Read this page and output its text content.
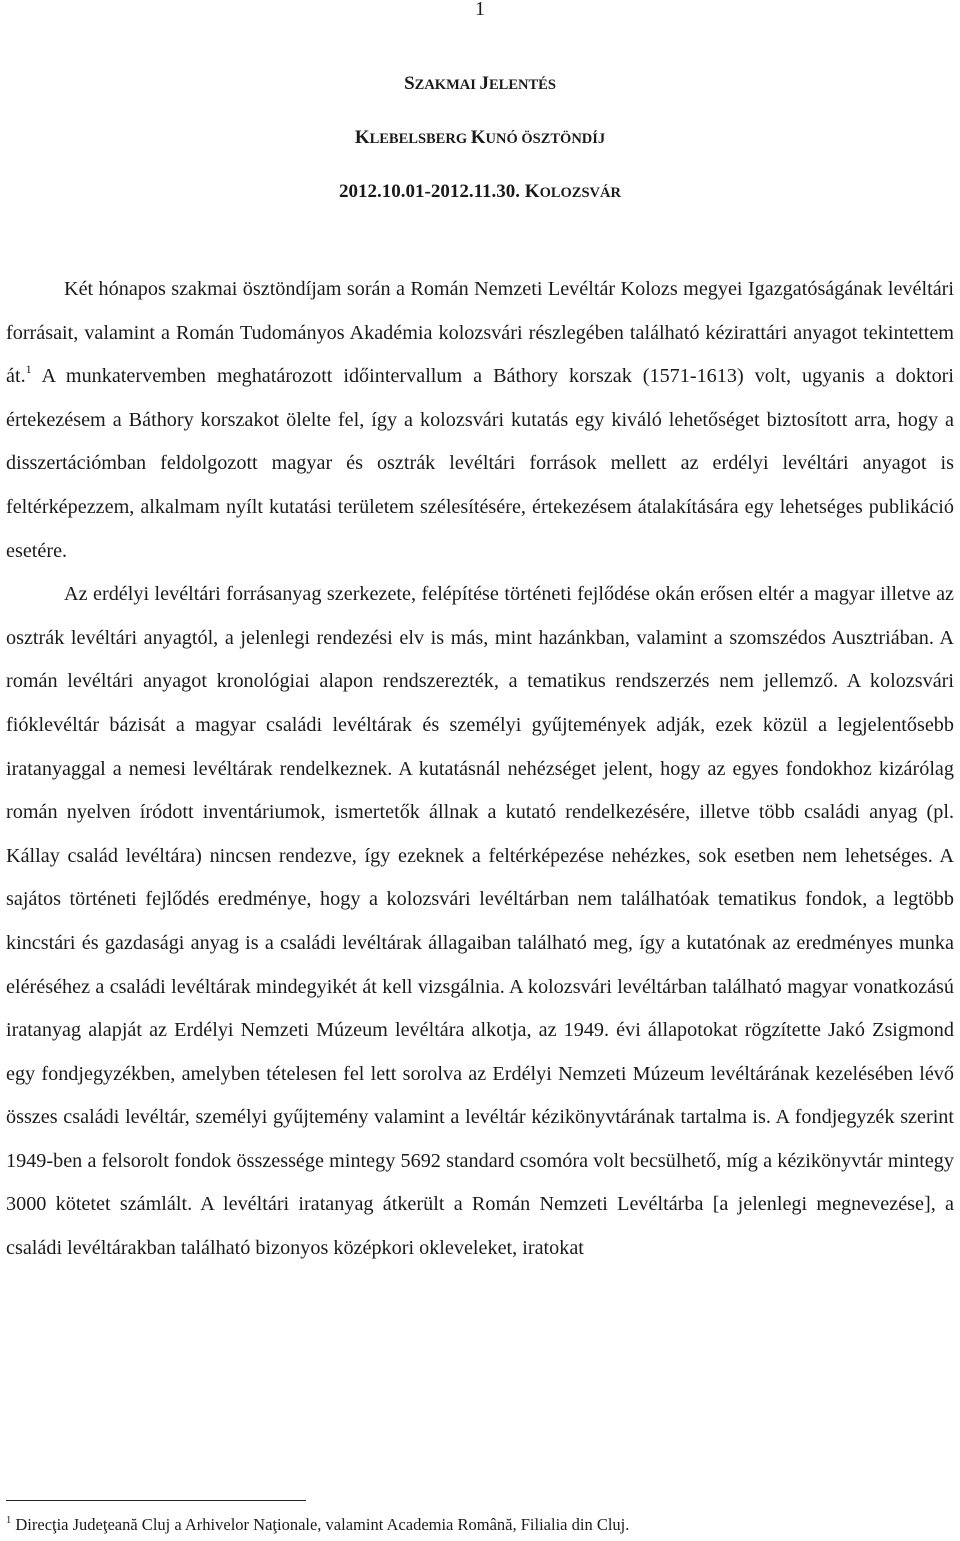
1
SZAKMAI JELENTÉS
KLEBELSBERG KUNÓ ÖSZTÖNDÍJ
2012.10.01-2012.11.30. KOLOZSVÁR

Két hónapos szakmai ösztöndíjam során a Román Nemzeti Levéltár Kolozs megyei Igazgatóságának levéltári forrásait, valamint a Román Tudományos Akadémia kolozsvári részlegében található kézirattári anyagot tekintettem át.$^1$ A munkatervemben meghatározott időintervallum a Báthory korszak (1571-1613) volt, ugyanis a doktori értekezésem a Báthory korszakot ölelte fel, így a kolozsvári kutatás egy kiváló lehetőséget biztosított arra, hogy a disszertációmban feldolgozott magyar és osztrák levéltári források mellett az erdélyi levéltári anyagot is feltérképezzem, alkalmam nyílt kutatási területem szélesítésére, értekezésem átalakítására egy lehetséges publikáció esetére.

Az erdélyi levéltári forrásanyag szerkezete, felépítése történeti fejlődése okán erősen eltér a magyar illetve az osztrák levéltári anyagtól, a jelenlegi rendezési elv is más, mint hazánkban, valamint a szomszédos Ausztriában. A román levéltári anyagot kronológiai alapon rendszerezték, a tematikus rendszerzés nem jellemző. A kolozsvári fióklevéltár bázisát a magyar családi levéltárak és személyi gyűjtemények adják, ezek közül a legjelentősebb iratanyaggal a nemesi levéltárak rendelkeznek. A kutatásnál nehézséget jelent, hogy az egyes fondokhoz kizárólag román nyelven íródott inventáriumok, ismertetők állnak a kutató rendelkezésére, illetve több családi anyag (pl. Kállay család levéltára) nincsen rendezve, így ezeknek a feltérképezése nehézkes, sok esetben nem lehetséges. A sajátos történeti fejlődés eredménye, hogy a kolozsvári levéltárban nem találhatóak tematikus fondok, a legtöbb kincstári és gazdasági anyag is a családi levéltárak állagaiban található meg, így a kutatónak az eredményes munka eléréséhez a családi levéltárak mindegyikét át kell vizsgálnia. A kolozsvári levéltárban található magyar vonatkozású iratanyag alapját az Erdélyi Nemzeti Múzeum levéltára alkotja, az 1949. évi állapotokat rögzítette Jakó Zsigmond egy fondjegyzékben, amelyben tételesen fel lett sorolva az Erdélyi Nemzeti Múzeum levéltárának kezelésében lévő összes családi levéltár, személyi gyűjtemény valamint a levéltár kézikönyvtárának tartalma is. A fondjegyzék szerint 1949-ben a felsorolt fondok összessége mintegy 5692 standard csomóra volt becsülhető, míg a kézikönyvtár mintegy 3000 kötetet számlált. A levéltári iratanyag átkerült a Román Nemzeti Levéltárba [a jelenlegi megnevezése], a családi levéltárakban található bizonyos középkori okleveleket, iratokat

$^1$ Direcţia Judeţeană Cluj a Arhivelor Naţionale, valamint Academia Română, Filialia din Cluj.
